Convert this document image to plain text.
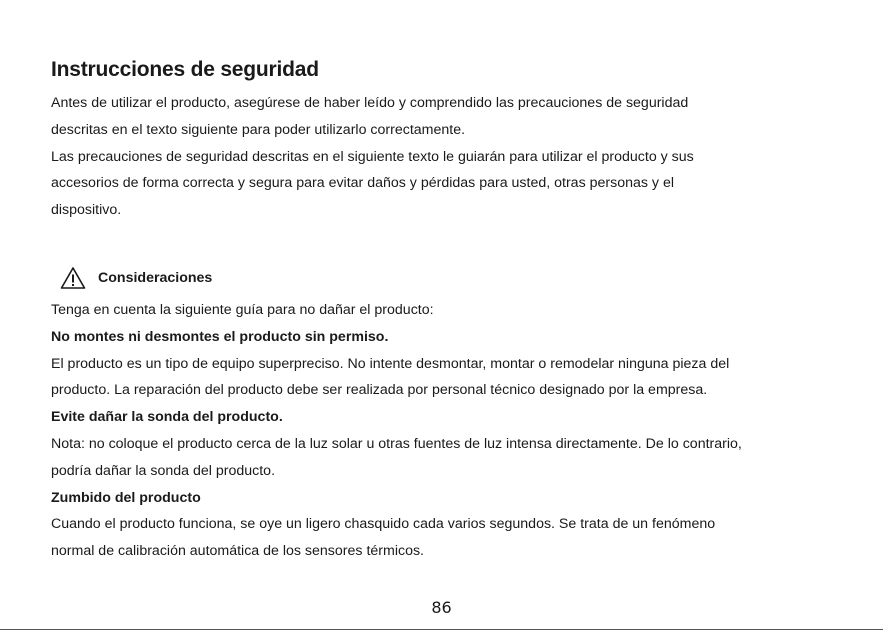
Instrucciones de seguridad

Antes de utilizar el producto, asegúrese de haber leído y comprendido las precauciones de seguridad
descritas en el texto siguiente para poder utilizarlo correctamente.
Las precauciones de seguridad descritas en el siguiente texto le guiarán para utilizar el producto y sus
accesorios de forma correcta y segura para evitar daños y pérdidas para usted, otras personas y el
dispositivo.

Consideraciones

Tenga en cuenta la siguiente guía para no dañar el producto:
No montes ni desmontes el producto sin permiso.
El producto es un tipo de equipo superpreciso. No intente desmontar, montar o remodelar ninguna pieza del
producto. La reparación del producto debe ser realizada por personal técnico designado por la empresa.
Evite dañar la sonda del producto.
Nota: no coloque el producto cerca de la luz solar u otras fuentes de luz intensa directamente. De lo contrario,
podría dañar la sonda del producto.
Zumbido del producto
Cuando el producto funciona, se oye un ligero chasquido cada varios segundos. Se trata de un fenómeno
normal de calibración automática de los sensores térmicos.

86
